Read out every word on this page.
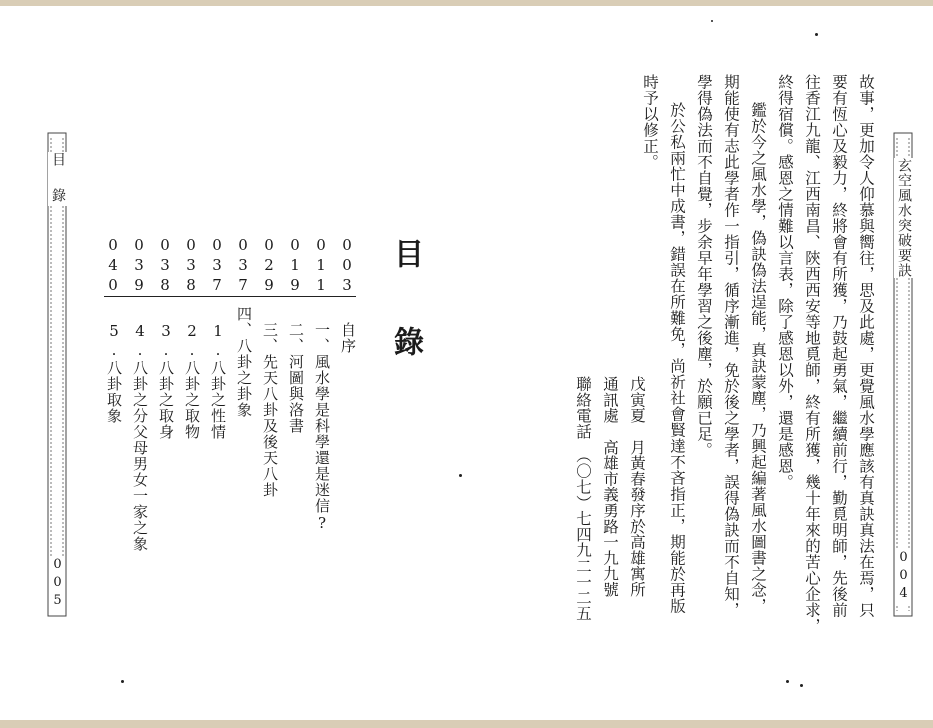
玄空風水突破要訣
004
故事，更加令人仰慕與嚮往，思及此處，更覺風水學應該有真訣真法在焉，只
要有恆心及毅力，終將會有所獲，乃鼓起勇氣，繼續前行，勤覓明師，先後前
往香江九龍、江西南昌、陝西西安等地覓師，終有所獲，幾十年來的苦心企求，
終得宿償。感恩之情難以言表，除了感恩以外，還是感恩。
鑑於今之風水學，偽訣偽法逞能，真訣蒙塵，乃興起編著風水圖書之念，
期能使有志此學者作一指引，循序漸進，免於後之學者，誤得偽訣而不自知，
學得偽法而不自覺，步余早年學習之後塵，於願已足。
於公私兩忙中成書，錯誤在所難免，尚祈社會賢達不吝指正，期能於再版
時予以修正。
戊寅夏　月黃春發序於高雄寓所
通訊處　高雄市義勇路一九九號
聯絡電話　（〇七）七四九二一二五
目　錄
005
目　錄
003
011
019
029
037
037
038
038
039
040
自序
一、風水學是科學還是迷信?
二、河圖與洛書
三、先天八卦及後天八卦
四、八卦之卦象
1.八卦之性情
2.八卦之取物
3.八卦之取身
4.八卦之分父母男女一家之象
5.八卦取象
